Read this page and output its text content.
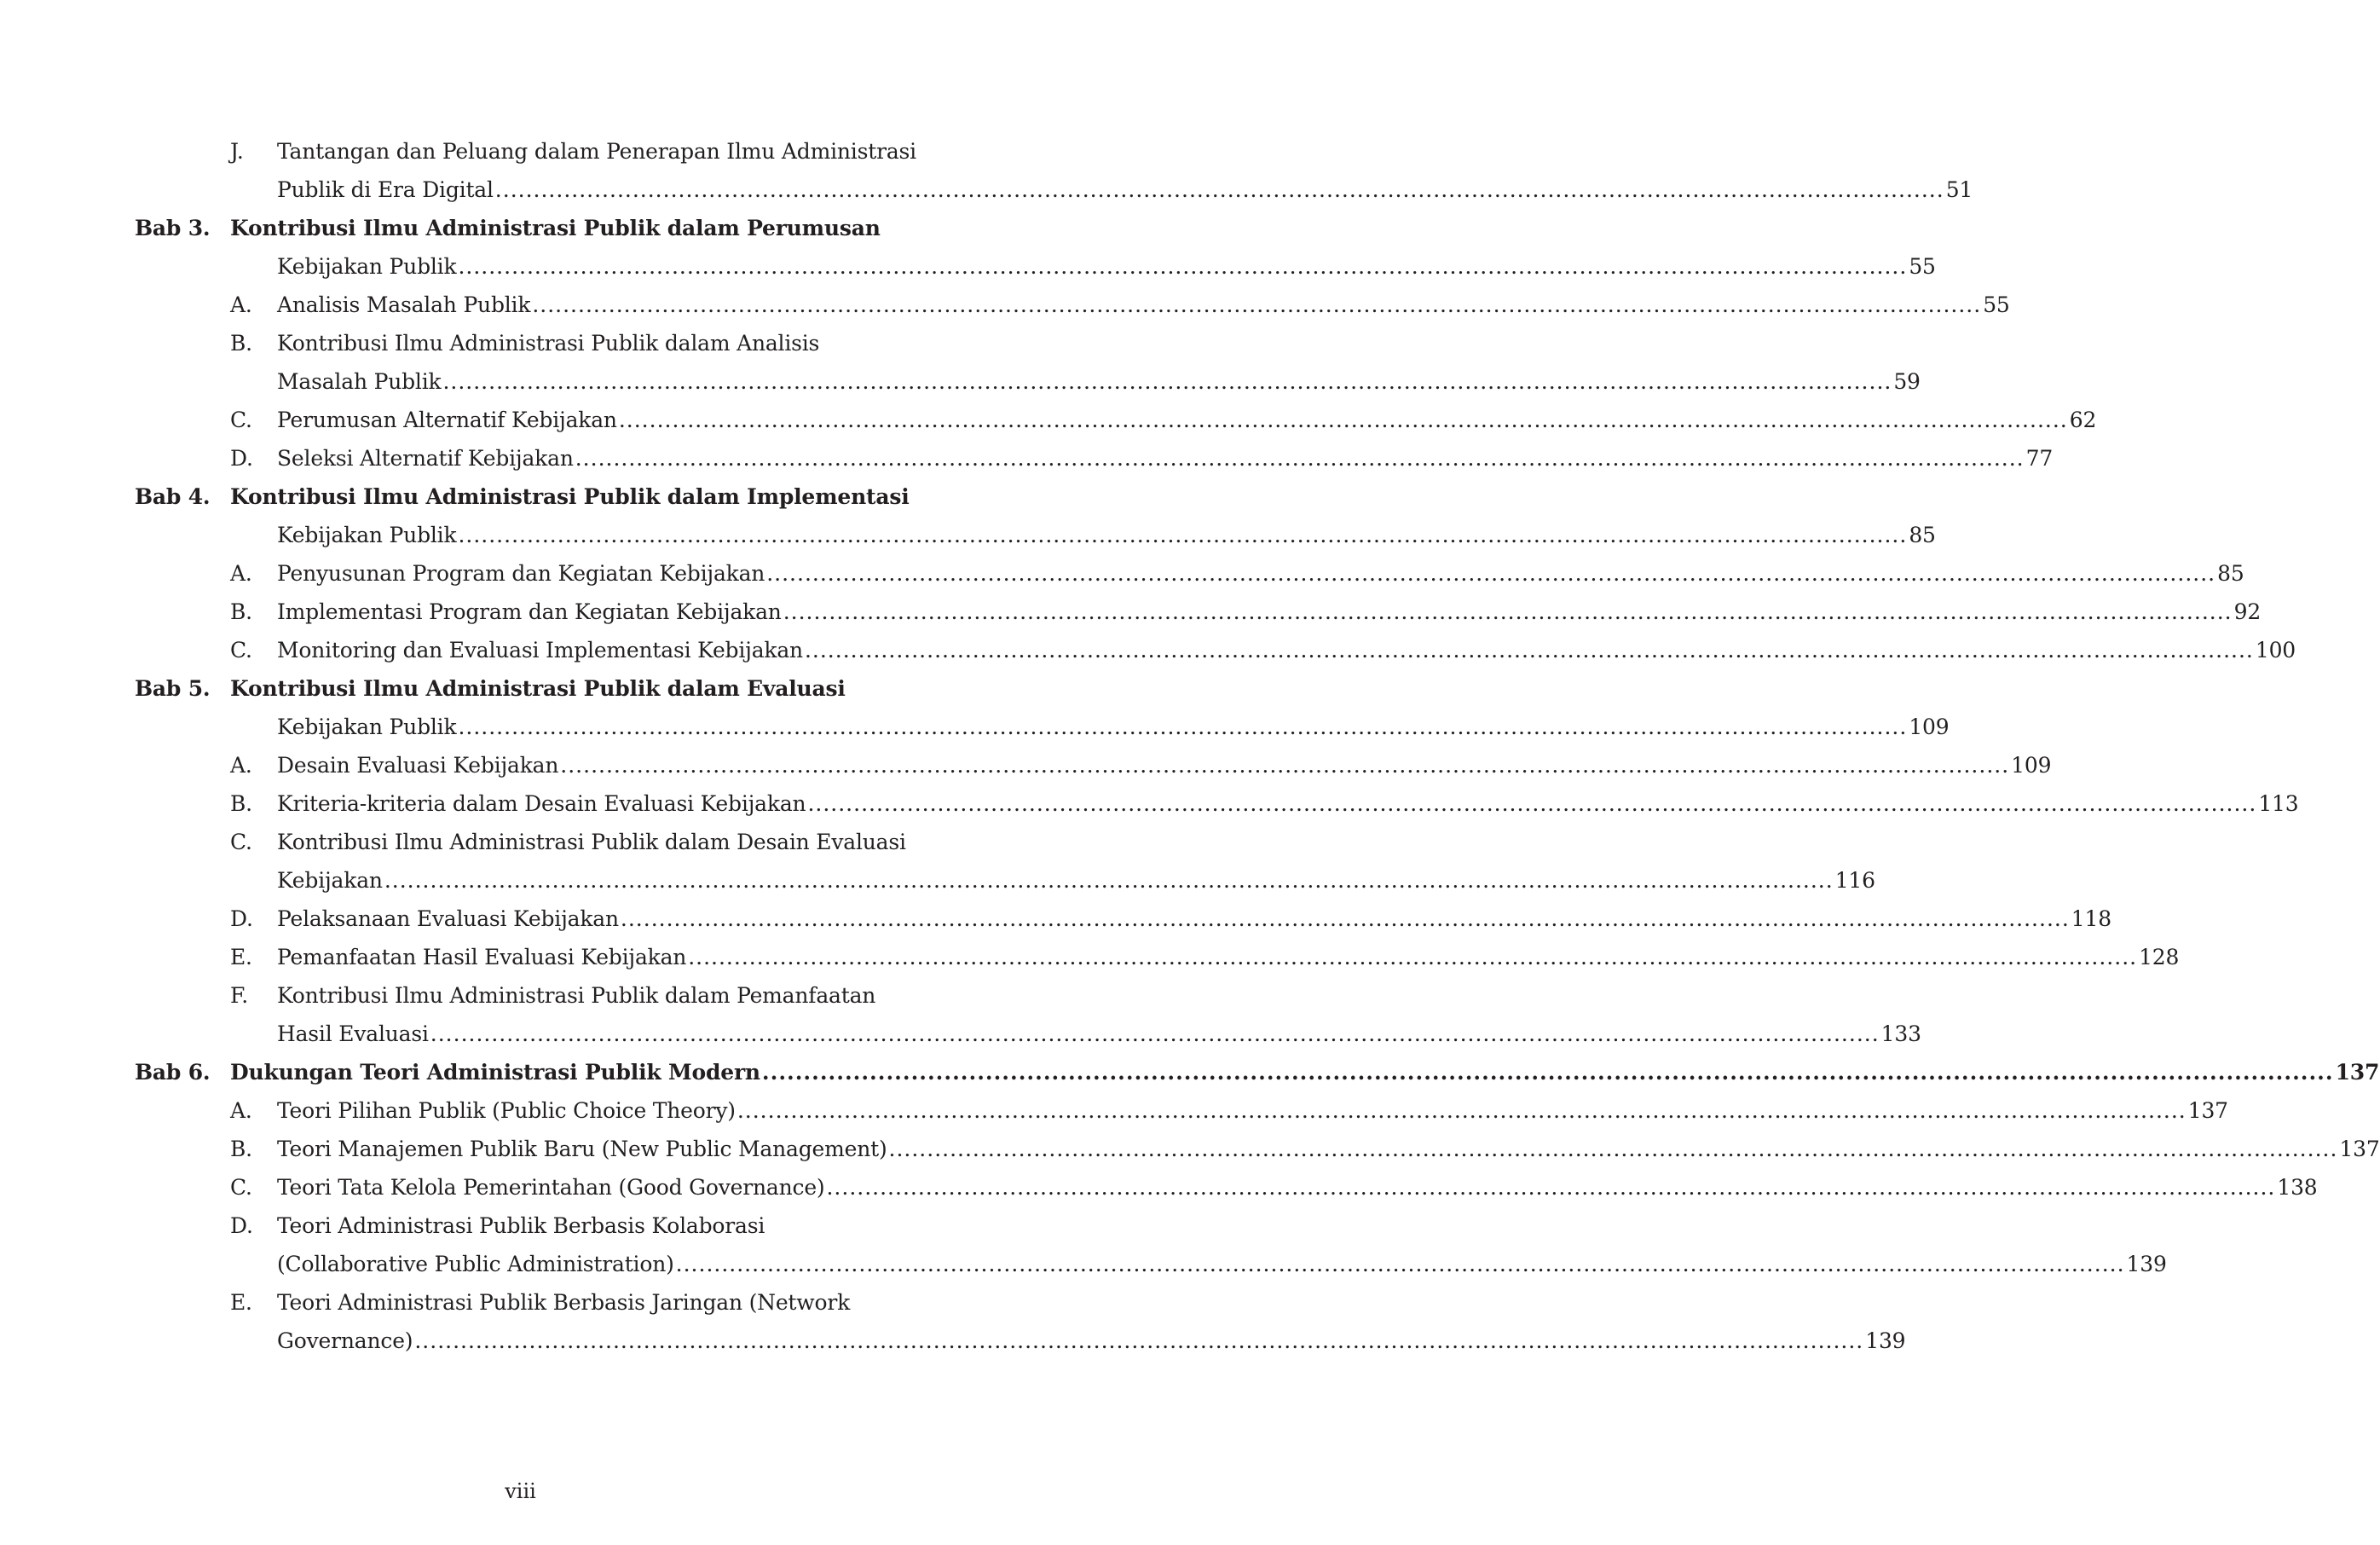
J. Tantangan dan Peluang dalam Penerapan Ilmu Administrasi
Publik di Era Digital .....	51
Bab 3. Kontribusi Ilmu Administrasi Publik dalam Perumusan
Kebijakan Publik .....	55
A. Analisis Masalah Publik .....	55
B. Kontribusi Ilmu Administrasi Publik dalam Analisis
Masalah Publik .....	59
C. Perumusan Alternatif Kebijakan .....	62
D. Seleksi Alternatif Kebijakan .....	77
Bab 4. Kontribusi Ilmu Administrasi Publik dalam Implementasi
Kebijakan Publik .....	85
A. Penyusunan Program dan Kegiatan Kebijakan .....	85
B. Implementasi Program dan Kegiatan Kebijakan .....	92
C. Monitoring dan Evaluasi Implementasi Kebijakan .....	100
Bab 5. Kontribusi Ilmu Administrasi Publik dalam Evaluasi
Kebijakan Publik .....	109
A. Desain Evaluasi Kebijakan .....	109
B. Kriteria-kriteria dalam Desain Evaluasi Kebijakan .....	113
C. Kontribusi Ilmu Administrasi Publik dalam Desain Evaluasi
Kebijakan .....	116
D. Pelaksanaan Evaluasi Kebijakan .....	118
E. Pemanfaatan Hasil Evaluasi Kebijakan .....	128
F. Kontribusi Ilmu Administrasi Publik dalam Pemanfaatan
Hasil Evaluasi .....	133
Bab 6. Dukungan Teori Administrasi Publik Modern .....	137
A. Teori Pilihan Publik (Public Choice Theory) .....	137
B. Teori Manajemen Publik Baru (New Public Management) .....	137
C. Teori Tata Kelola Pemerintahan (Good Governance) .....	138
D. Teori Administrasi Publik Berbasis Kolaborasi
(Collaborative Public Administration) .....	139
E. Teori Administrasi Publik Berbasis Jaringan (Network
Governance) .....	139
viii
